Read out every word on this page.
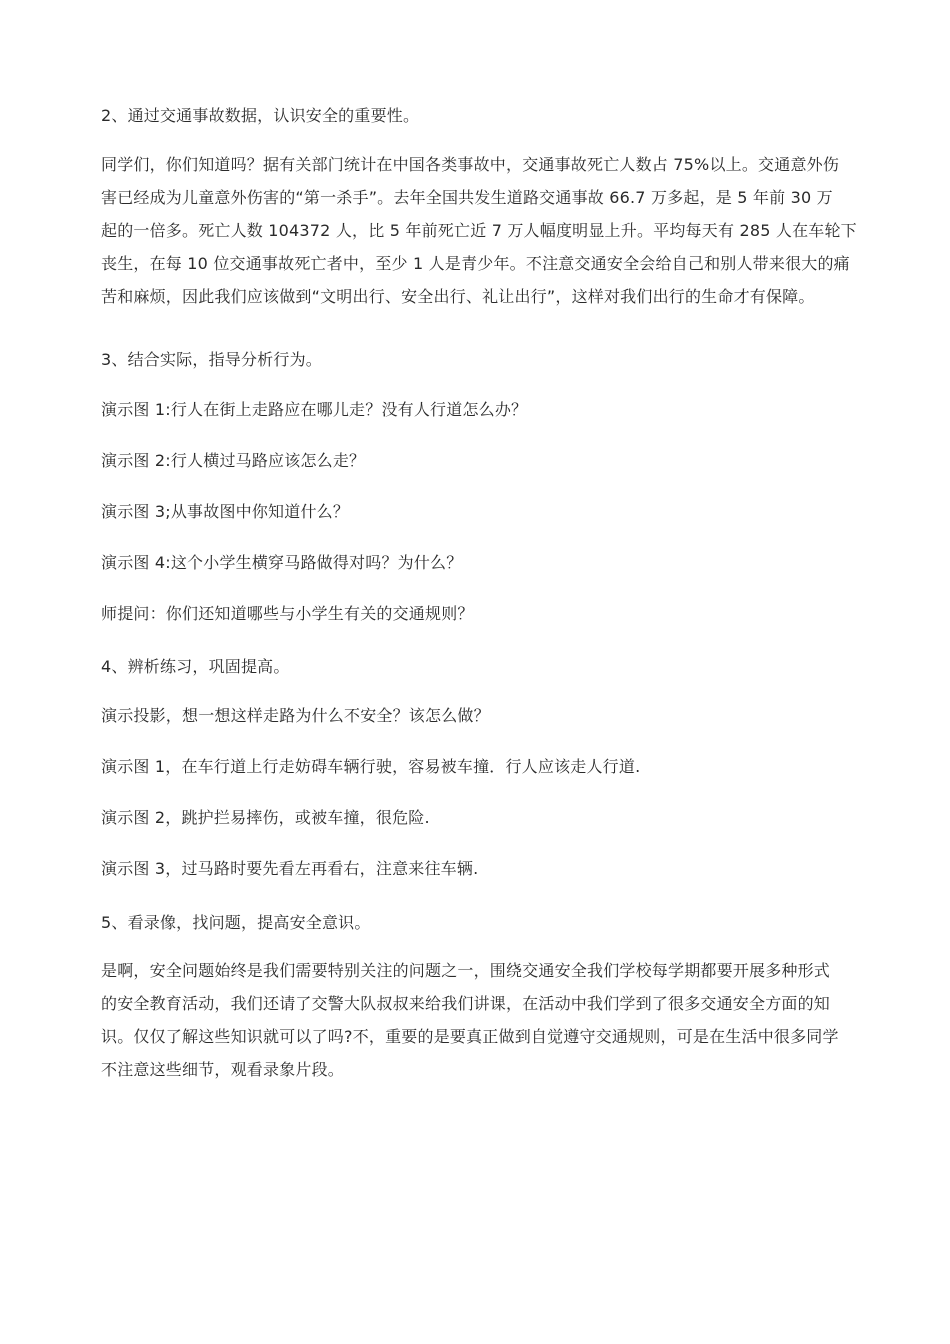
2、通过交通事故数据，认识安全的重要性。

同学们，你们知道吗？据有关部门统计在中国各类事故中，交通事故死亡人数占 75%以上。交通意外伤
害已经成为儿童意外伤害的“第一杀手”。去年全国共发生道路交通事故 66.7 万多起，是 5 年前 30 万
起的一倍多。死亡人数 104372 人，比 5 年前死亡近 7 万人幅度明显上升。平均每天有 285 人在车轮下
丧生，在每 10 位交通事故死亡者中，至少 1 人是青少年。不注意交通安全会给自己和别人带来很大的痛
苦和麻烦，因此我们应该做到“文明出行、安全出行、礼让出行”，这样对我们出行的生命才有保障。

3、结合实际，指导分析行为。

演示图 1:行人在街上走路应在哪儿走？没有人行道怎么办？

演示图 2:行人横过马路应该怎么走？

演示图 3;从事故图中你知道什么？

演示图 4:这个小学生横穿马路做得对吗？为什么？

师提问：你们还知道哪些与小学生有关的交通规则？

4、辨析练习，巩固提高。

演示投影，想一想这样走路为什么不安全？该怎么做？

演示图 1，在车行道上行走妨碍车辆行驶，容易被车撞．行人应该走人行道.

演示图 2，跳护拦易摔伤，或被车撞，很危险.

演示图 3，过马路时要先看左再看右，注意来往车辆.

5、看录像，找问题，提高安全意识。

是啊，安全问题始终是我们需要特别关注的问题之一，围绕交通安全我们学校每学期都要开展多种形式
的安全教育活动，我们还请了交警大队叔叔来给我们讲课，在活动中我们学到了很多交通安全方面的知
识。仅仅了解这些知识就可以了吗?不，重要的是要真正做到自觉遵守交通规则，可是在生活中很多同学
不注意这些细节，观看录象片段。
